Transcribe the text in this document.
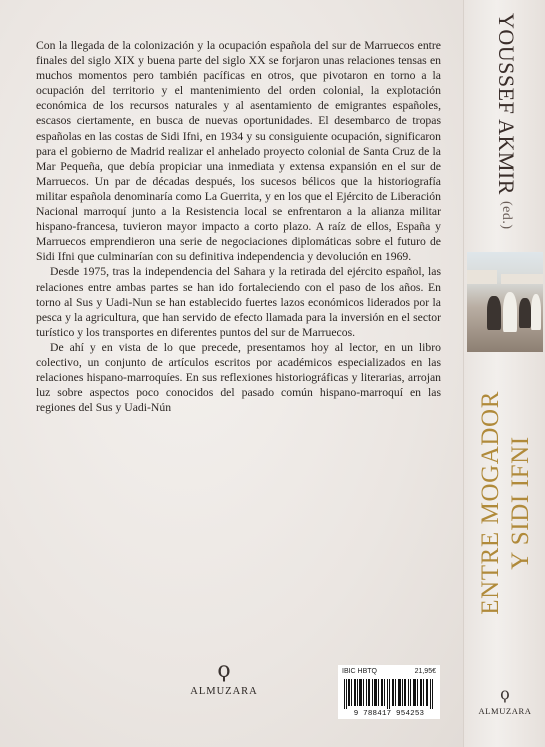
Con la llegada de la colonización y la ocupación española del sur de Marruecos entre finales del siglo XIX y buena parte del siglo XX se forjaron unas relaciones tensas en muchos momentos pero también pacíficas en otros, que pivotaron en torno a la ocupación del territorio y el mantenimiento del orden colonial, la explotación económica de los recursos naturales y al asentamiento de emigrantes españoles, escasos ciertamente, en busca de nuevas oportunidades. El desembarco de tropas españolas en las costas de Sidi Ifni, en 1934 y su consiguiente ocupación, significaron para el gobierno de Madrid realizar el anhelado proyecto colonial de Santa Cruz de la Mar Pequeña, que debía propiciar una inmediata y extensa expansión en el sur de Marruecos. Un par de décadas después, los sucesos bélicos que la historiografía militar española denominaría como La Guerrita, y en los que el Ejército de Liberación Nacional marroquí junto a la Resistencia local se enfrentaron a la alianza militar hispano-francesa, tuvieron mayor impacto a corto plazo. A raíz de ellos, España y Marruecos emprendieron una serie de negociaciones diplomáticas sobre el futuro de Sidi Ifni que culminarían con su definitiva independencia y devolución en 1969.

Desde 1975, tras la independencia del Sahara y la retirada del ejército español, las relaciones entre ambas partes se han ido fortaleciendo con el paso de los años. En torno al Sus y Uadi-Nun se han establecido fuertes lazos económicos liderados por la pesca y la agricultura, que han servido de efecto llamada para la inversión en el sector turístico y los transportes en diferentes puntos del sur de Marruecos.

De ahí y en vista de lo que precede, presentamos hoy al lector, en un libro colectivo, un conjunto de artículos escritos por académicos especializados en las relaciones hispano-marroquíes. En sus reflexiones historiográficas y literarias, arrojan luz sobre aspectos poco conocidos del pasado común hispano-marroquí en las regiones del Sus y Uadi-Nún

ϙ
ALMUZARA
IBIC HBTQ	21,95€
9 788417 954253
YOUSSEF AKMIR (ed.)
ENTRE MOGADOR Y SIDI IFNI
ϙ
ALMUZARA
